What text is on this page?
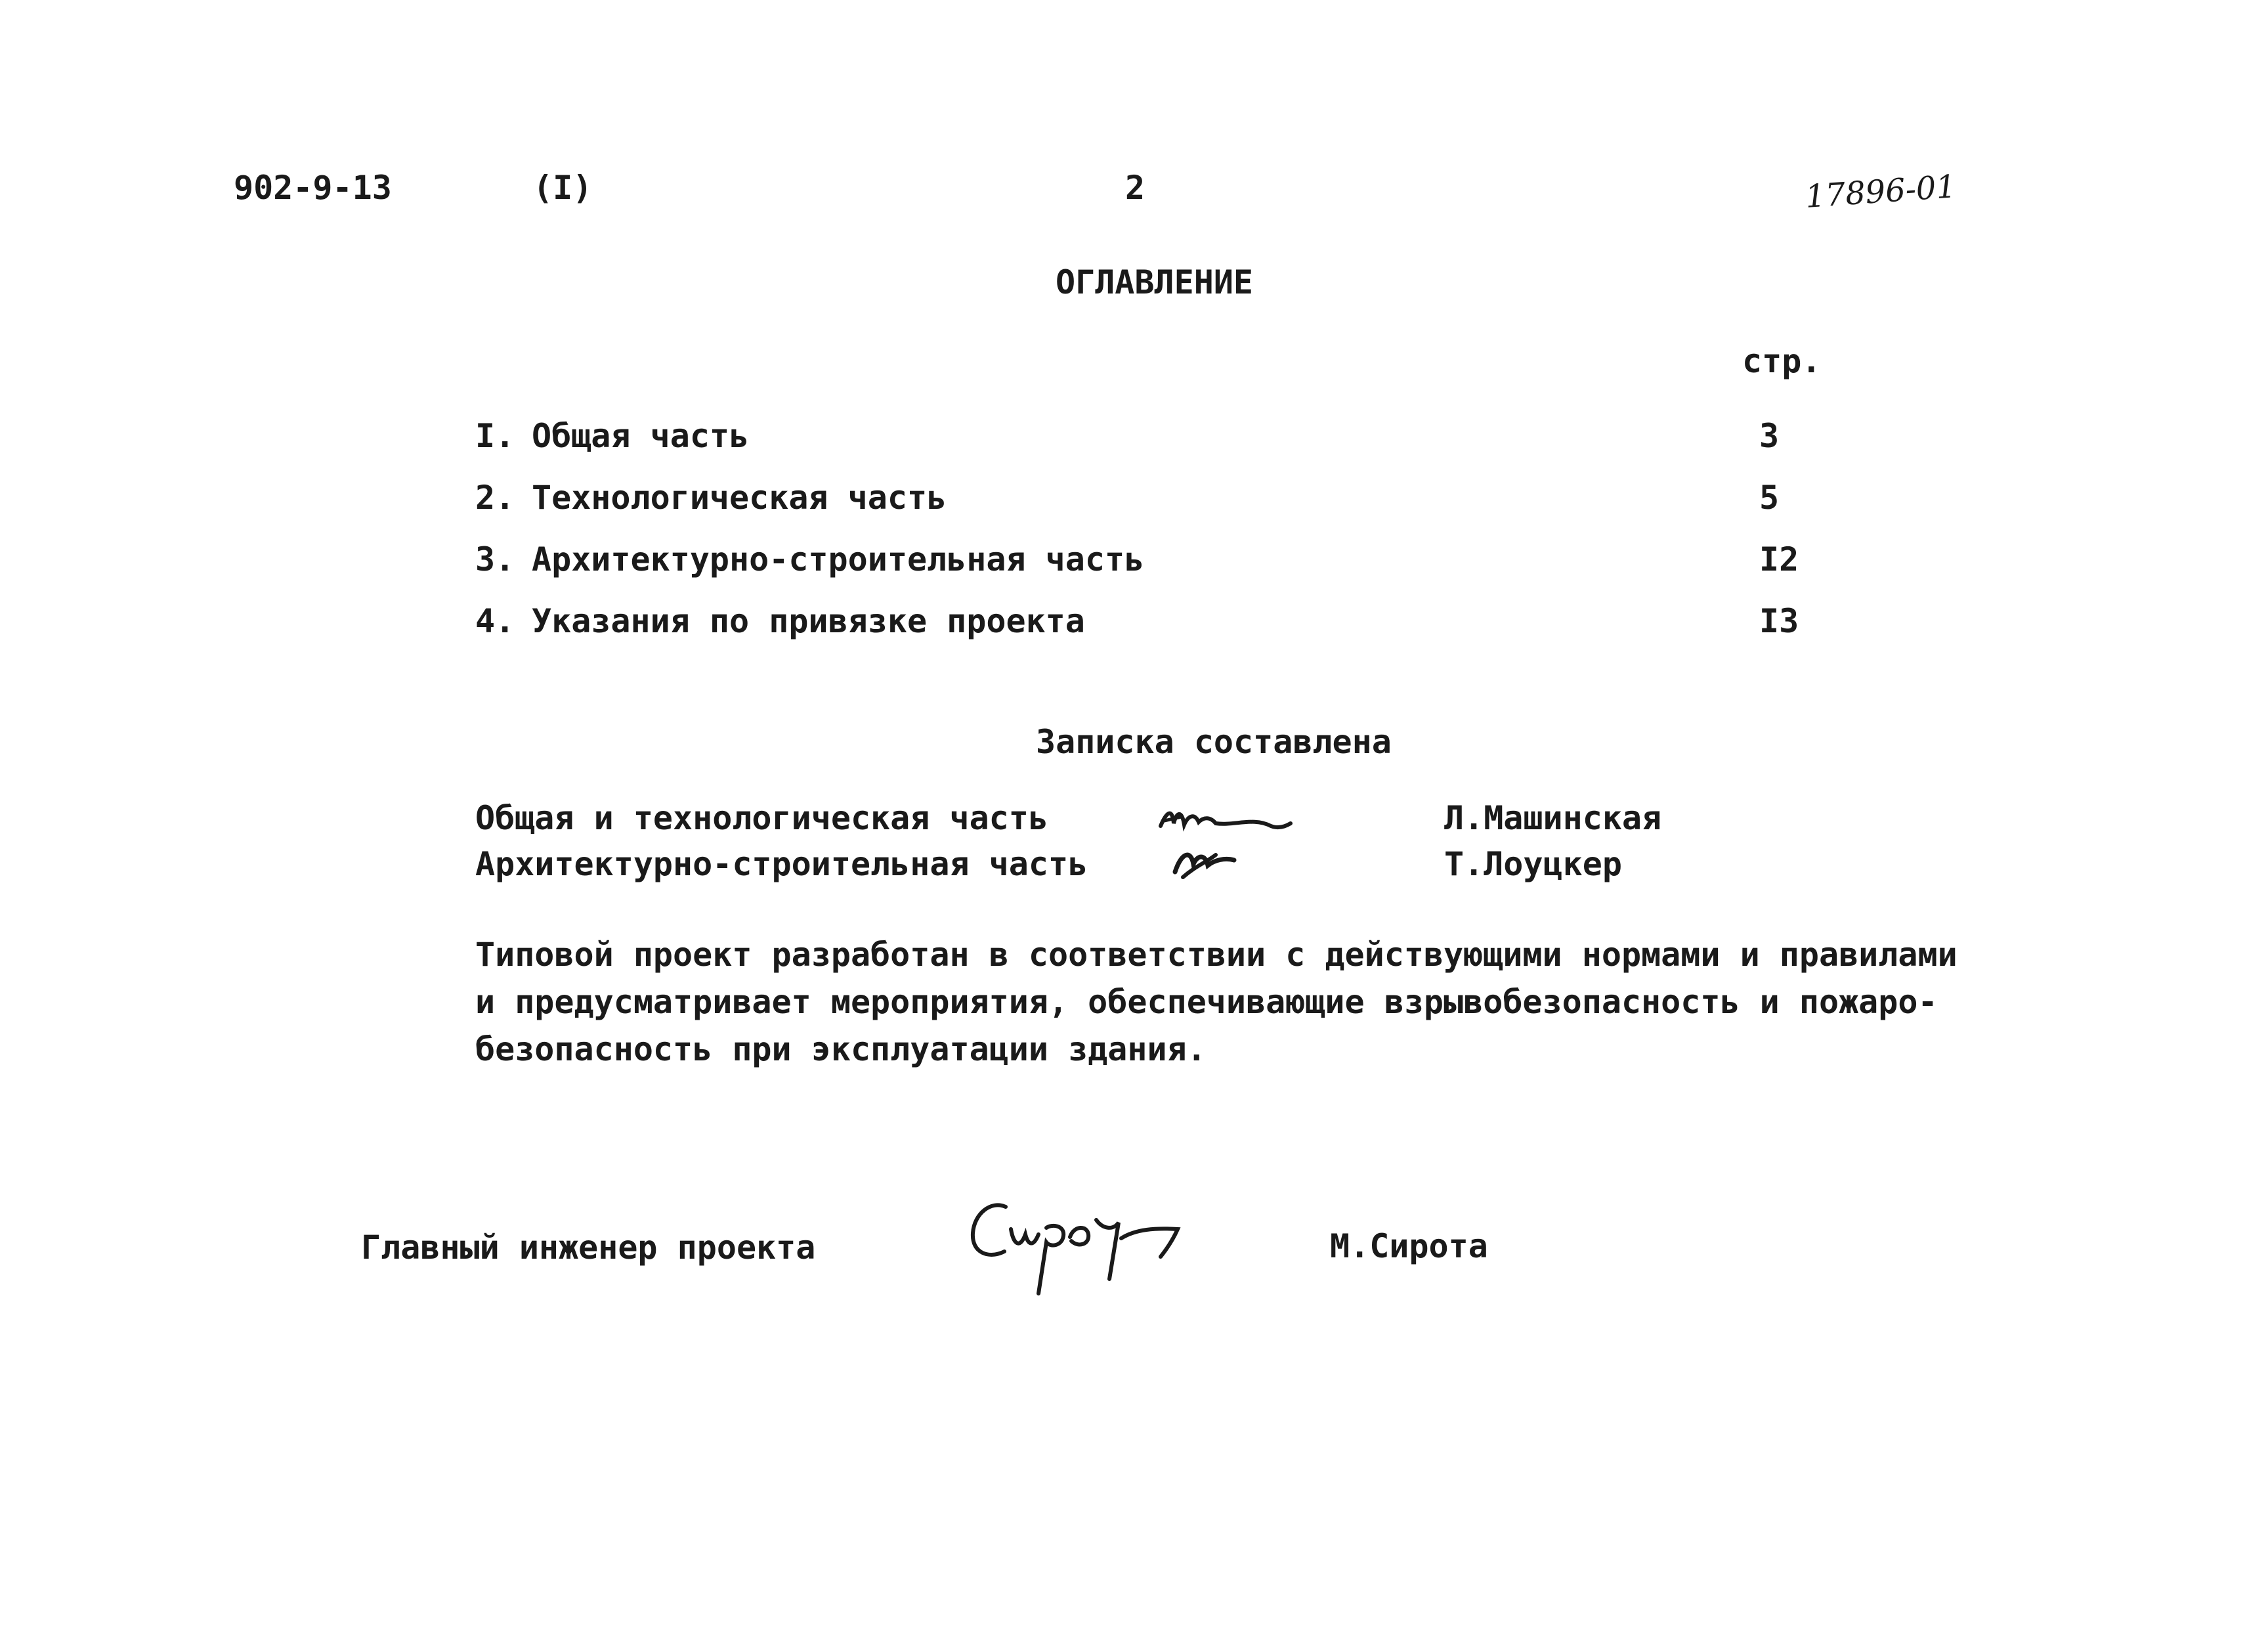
902-9-13	(I)	2	17896-01
ОГЛАВЛЕНИЕ
стр.
I. Общая часть	3
2. Технологическая часть	5
3. Архитектурно-строительная часть	I2
4. Указания по привязке проекта	I3
Записка составлена
Общая и технологическая часть	Л.Машинская
Архитектурно-строительная часть	Т.Лоуцкер
Типовой проект разработан в соответствии с действующими нормами и правилами
и предусматривает мероприятия, обеспечивающие взрывобезопасность и пожаро-
безопасность при эксплуатации здания.
Главный инженер проекта	М.Сирота
